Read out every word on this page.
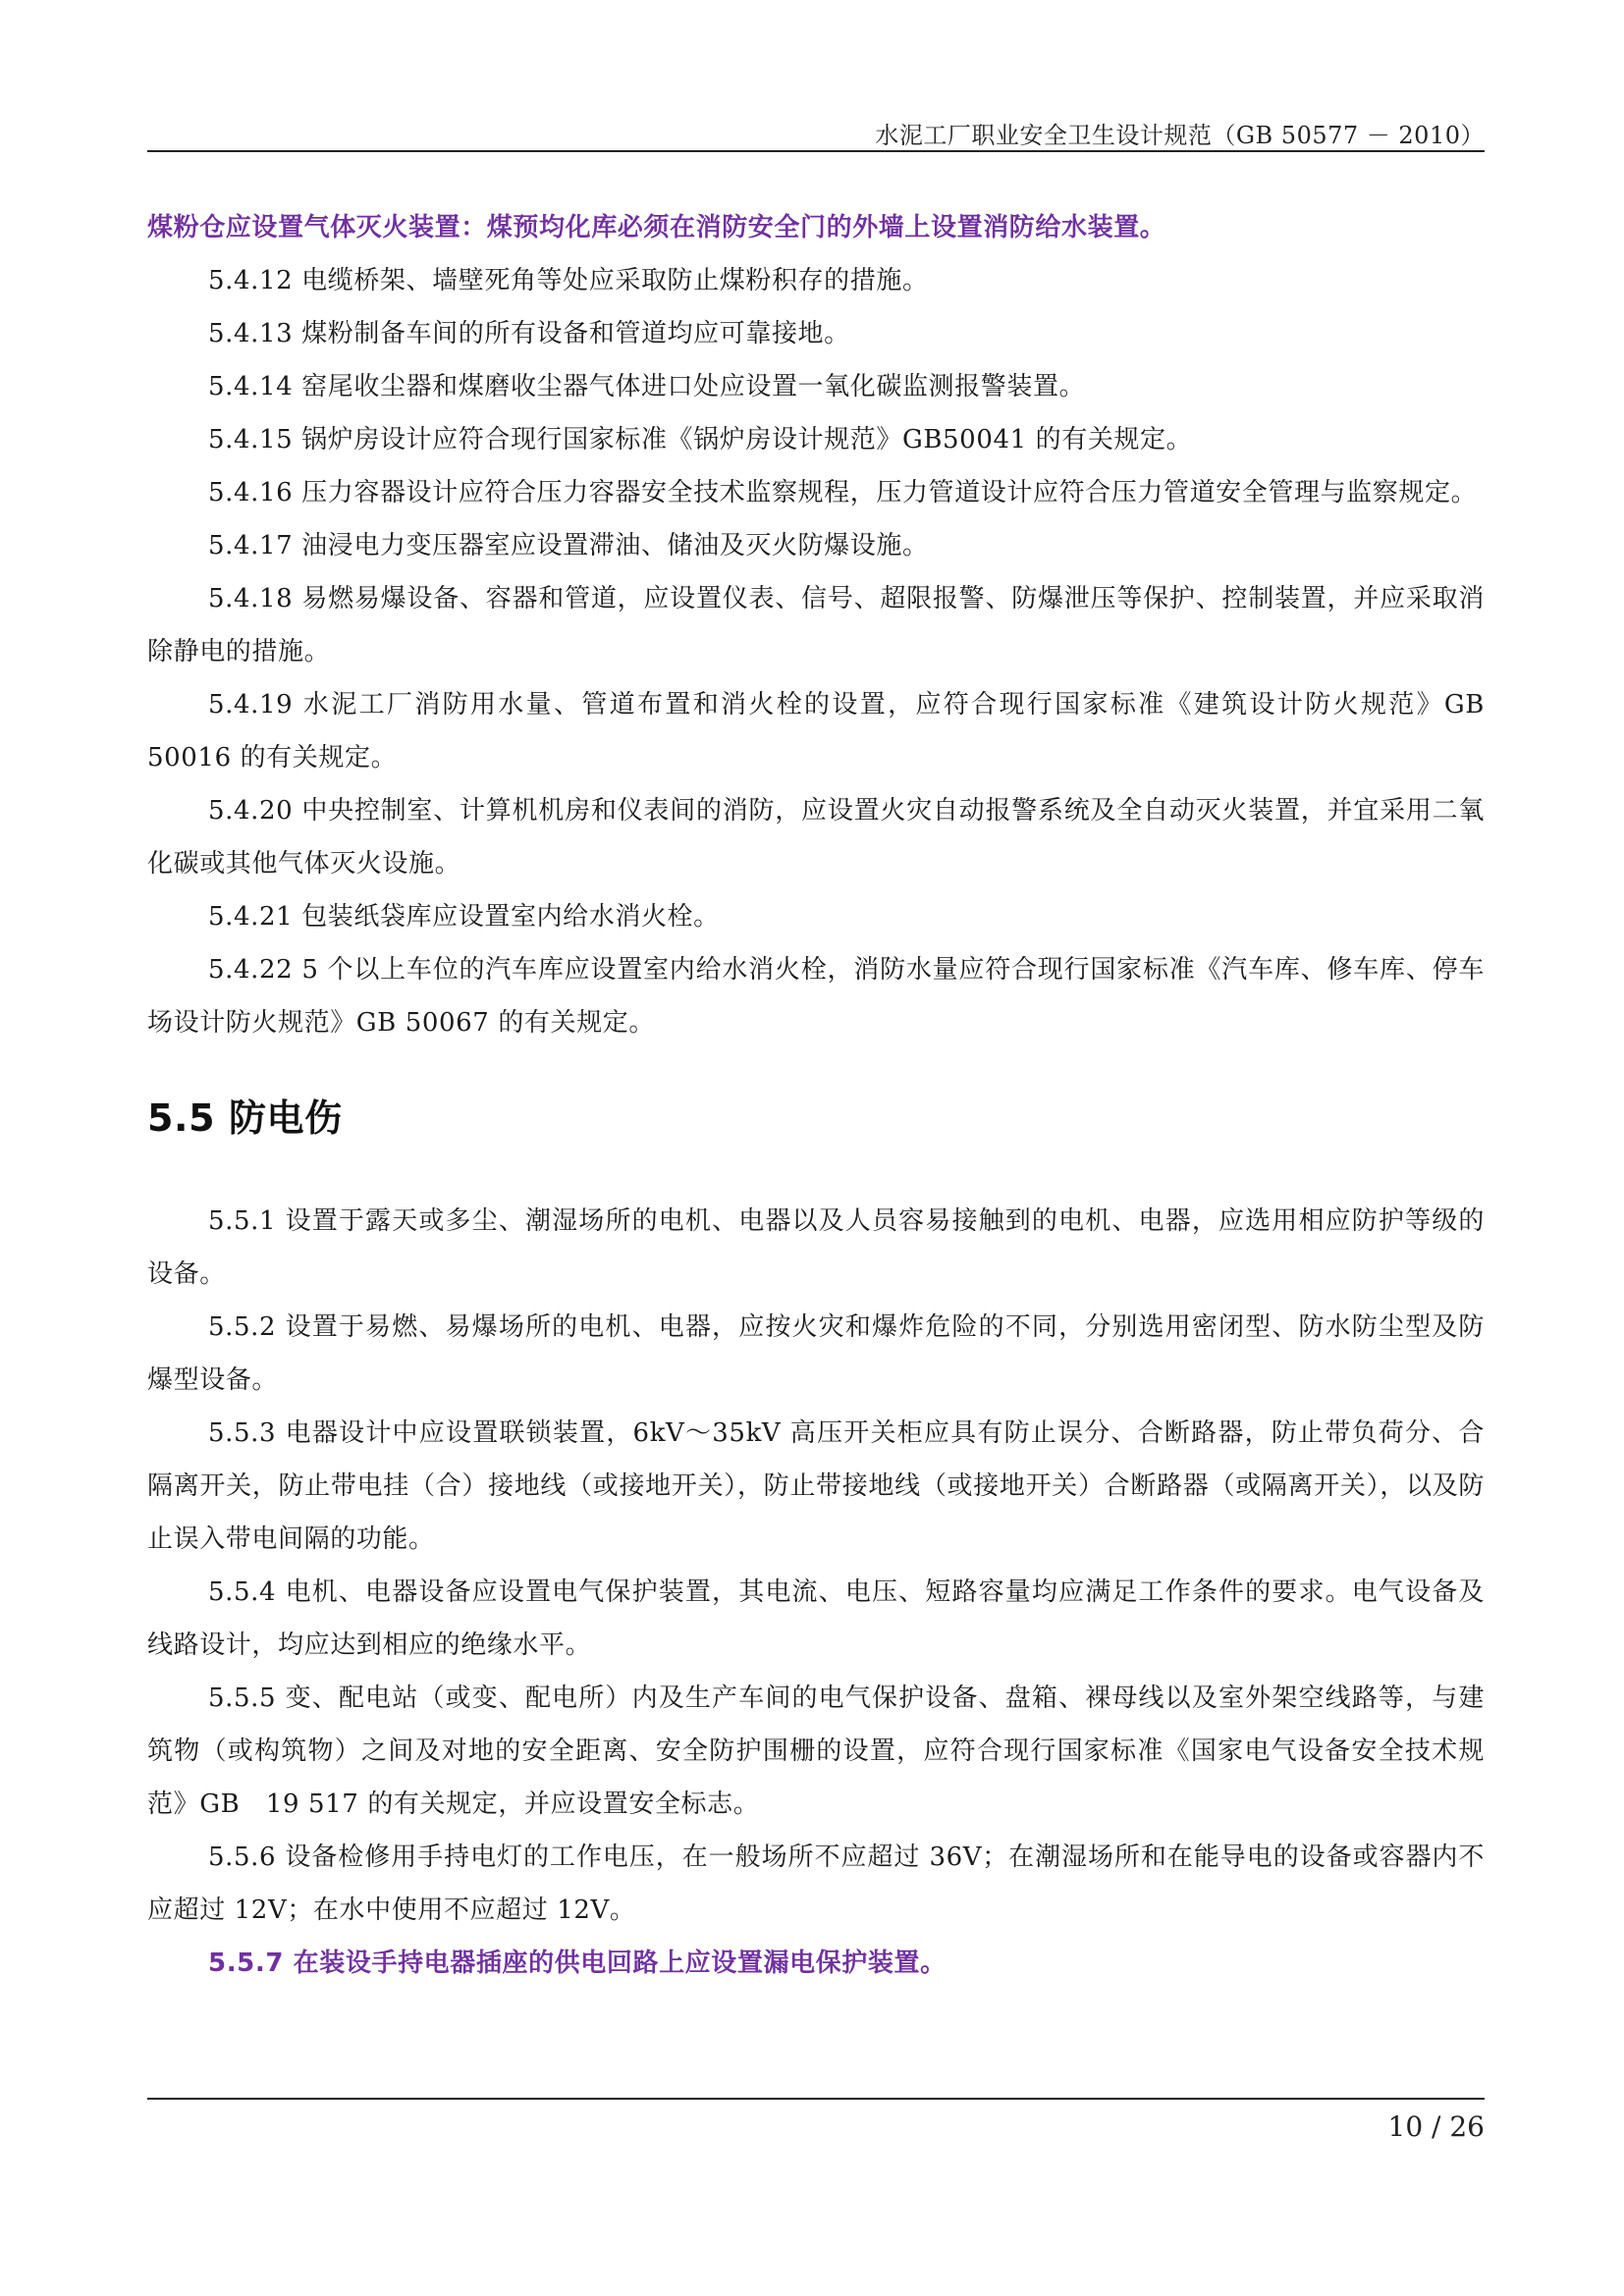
水泥工厂职业安全卫生设计规范（GB 50577 － 2010）

煤粉仓应设置气体灭火装置：煤预均化库必须在消防安全门的外墙上设置消防给水装置。

5.4.12 电缆桥架、墙壁死角等处应采取防止煤粉积存的措施。

5.4.13 煤粉制备车间的所有设备和管道均应可靠接地。

5.4.14 窑尾收尘器和煤磨收尘器气体进口处应设置一氧化碳监测报警装置。

5.4.15 锅炉房设计应符合现行国家标准《锅炉房设计规范》GB50041 的有关规定。

5.4.16 压力容器设计应符合压力容器安全技术监察规程，压力管道设计应符合压力管道安全管理与监察规定。

5.4.17 油浸电力变压器室应设置滞油、储油及灭火防爆设施。

5.4.18 易燃易爆设备、容器和管道，应设置仪表、信号、超限报警、防爆泄压等保护、控制装置，并应采取消除静电的措施。

5.4.19 水泥工厂消防用水量、管道布置和消火栓的设置，应符合现行国家标准《建筑设计防火规范》GB 50016 的有关规定。

5.4.20 中央控制室、计算机机房和仪表间的消防，应设置火灾自动报警系统及全自动灭火装置，并宜采用二氧化碳或其他气体灭火设施。

5.4.21 包装纸袋库应设置室内给水消火栓。

5.4.22 5 个以上车位的汽车库应设置室内给水消火栓，消防水量应符合现行国家标准《汽车库、修车库、停车场设计防火规范》GB 50067 的有关规定。

5.5 防电伤

5.5.1 设置于露天或多尘、潮湿场所的电机、电器以及人员容易接触到的电机、电器，应选用相应防护等级的设备。

5.5.2 设置于易燃、易爆场所的电机、电器，应按火灾和爆炸危险的不同，分别选用密闭型、防水防尘型及防爆型设备。

5.5.3 电器设计中应设置联锁装置，6kV～35kV 高压开关柜应具有防止误分、合断路器，防止带负荷分、合隔离开关，防止带电挂（合）接地线（或接地开关），防止带接地线（或接地开关）合断路器（或隔离开关），以及防止误入带电间隔的功能。

5.5.4 电机、电器设备应设置电气保护装置，其电流、电压、短路容量均应满足工作条件的要求。电气设备及线路设计，均应达到相应的绝缘水平。

5.5.5 变、配电站（或变、配电所）内及生产车间的电气保护设备、盘箱、裸母线以及室外架空线路等，与建筑物（或构筑物）之间及对地的安全距离、安全防护围栅的设置，应符合现行国家标准《国家电气设备安全技术规范》GB　19 517 的有关规定，并应设置安全标志。

5.5.6 设备检修用手持电灯的工作电压，在一般场所不应超过 36V；在潮湿场所和在能导电的设备或容器内不应超过 12V；在水中使用不应超过 12V。

5.5.7 在装设手持电器插座的供电回路上应设置漏电保护装置。

10 / 26
